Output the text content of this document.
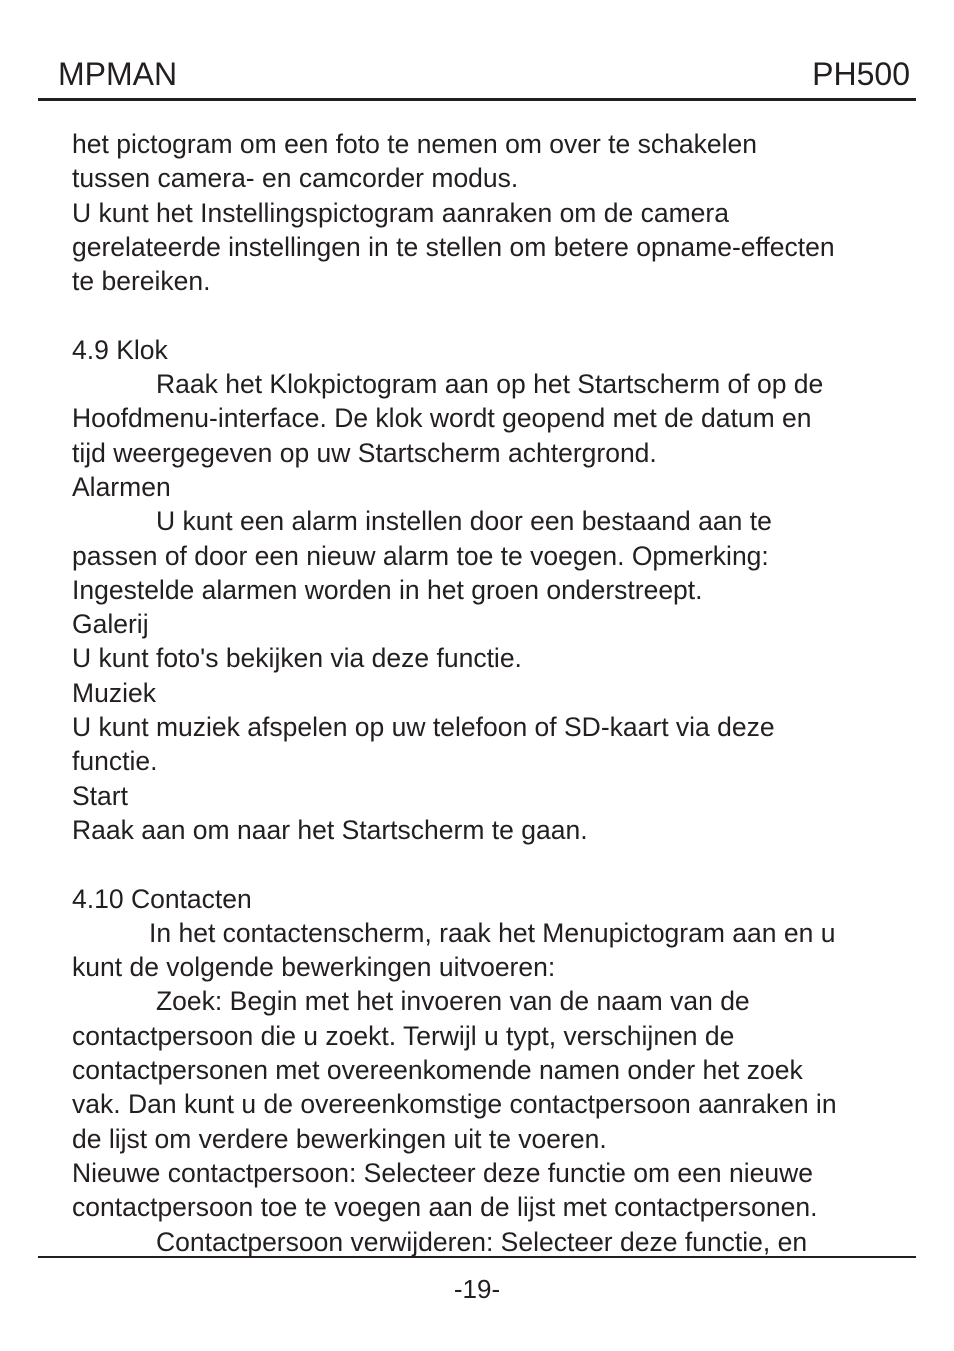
MPMAN	PH500
het pictogram om een foto te nemen om over te schakelen
tussen camera- en camcorder modus.
U kunt het Instellingspictogram aanraken om de camera
gerelateerde instellingen in te stellen om betere opname-effecten
te bereiken.
4.9 Klok
Raak het Klokpictogram aan op het Startscherm of op de
Hoofdmenu-interface. De klok wordt geopend met de datum en
tijd weergegeven op uw Startscherm achtergrond.
Alarmen
U kunt een alarm instellen door een bestaand aan te
passen of door een nieuw alarm toe te voegen. Opmerking:
Ingestelde alarmen worden in het groen onderstreept.
Galerij
U kunt foto's bekijken via deze functie.
Muziek
U kunt muziek afspelen op uw telefoon of SD-kaart via deze
functie.
Start
Raak aan om naar het Startscherm te gaan.
4.10 Contacten
In het contactenscherm, raak het Menupictogram aan en u
kunt de volgende bewerkingen uitvoeren:
Zoek: Begin met het invoeren van de naam van de
contactpersoon die u zoekt. Terwijl u typt, verschijnen de
contactpersonen met overeenkomende namen onder het zoek
vak. Dan kunt u de overeenkomstige contactpersoon aanraken in
de lijst om verdere bewerkingen uit te voeren.
Nieuwe contactpersoon: Selecteer deze functie om een nieuwe
contactpersoon toe te voegen aan de lijst met contactpersonen.
Contactpersoon verwijderen: Selecteer deze functie, en
-19-
